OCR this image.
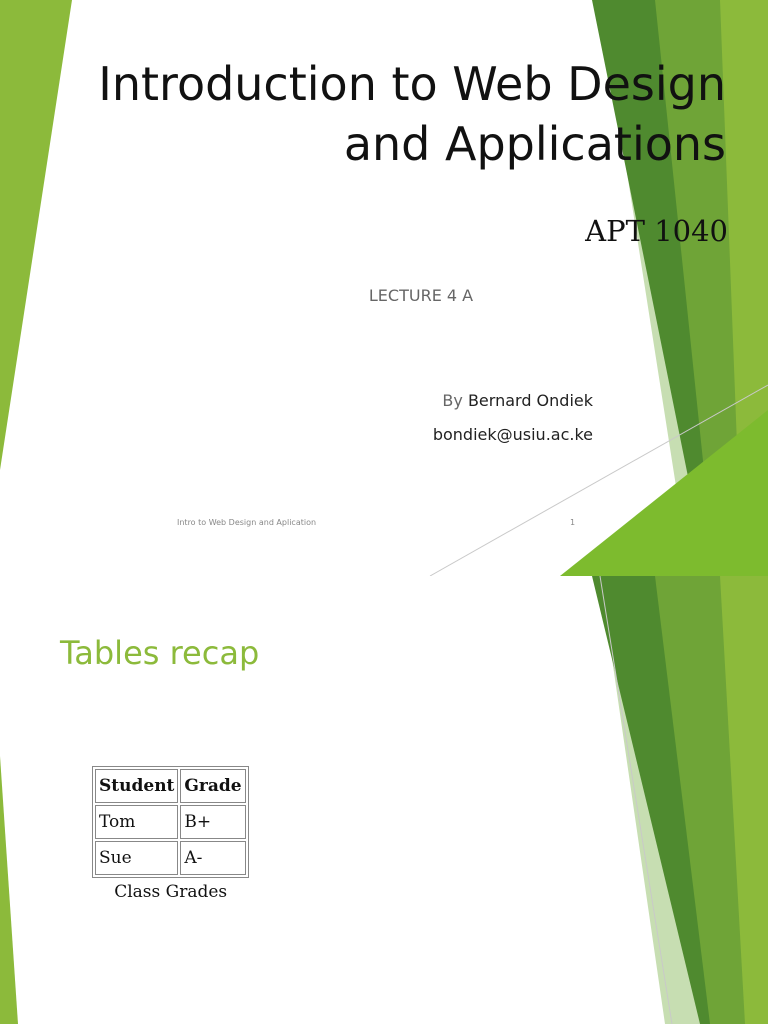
Introduction to Web Design and Applications
APT 1040
LECTURE 4 A
By Bernard Ondiek
bondiek@usiu.ac.ke
Intro to Web Design and Aplication	1
Tables recap
Student	Grade
Tom	B+
Sue	A-
Class Grades
